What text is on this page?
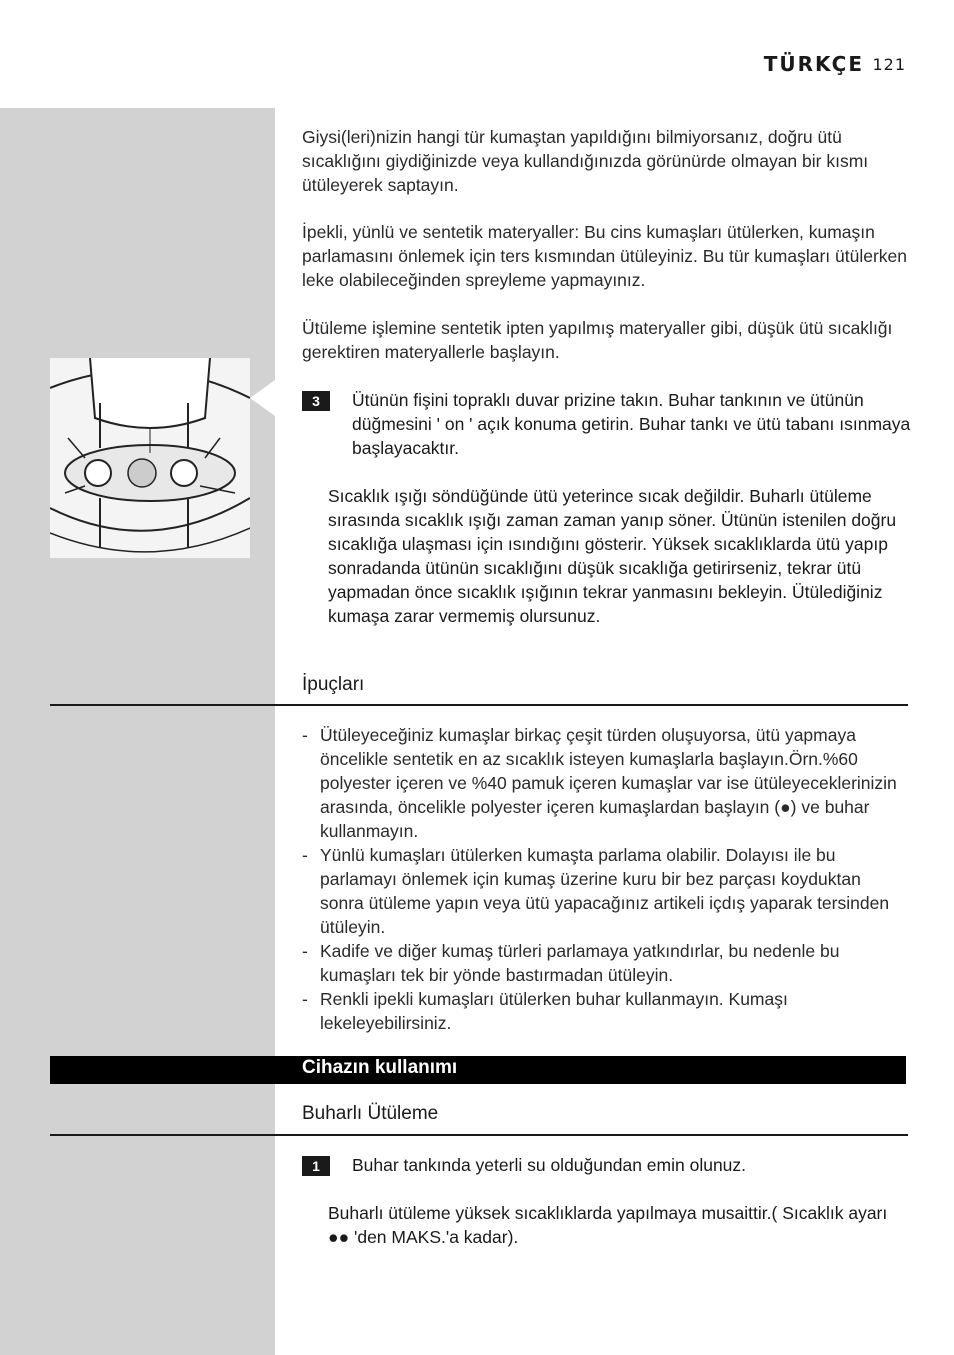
TÜRKÇE 121
Giysi(leri)nizin hangi tür kumaştan yapıldığını bilmiyorsanız, doğru ütü sıcaklığını giydiğinizde veya kullandığınızda görünürde olmayan bir kısmı ütüleyerek saptayın.
İpekli, yünlü ve sentetik materyaller: Bu cins kumaşları ütülerken, kumaşın parlamasını önlemek için ters kısmından ütüleyiniz. Bu tür kumaşları ütülerken leke olabileceğinden spreyleme yapmayınız.
Ütüleme işlemine sentetik ipten yapılmış materyaller gibi, düşük ütü sıcaklığı gerektiren materyallerle başlayın.
3	Ütünün fişini topraklı duvar prizine takın. Buhar tankının ve ütünün düğmesini ' on ' açık konuma getirin. Buhar tankı ve ütü tabanı ısınmaya başlayacaktır.
Sıcaklık ışığı söndüğünde ütü yeterince sıcak değildir. Buharlı ütüleme sırasında sıcaklık ışığı zaman zaman yanıp söner. Ütünün istenilen doğru sıcaklığa ulaşması için ısındığını gösterir. Yüksek sıcaklıklarda ütü yapıp sonradanda ütünün sıcaklığını düşük sıcaklığa getirirseniz, tekrar ütü yapmadan önce sıcaklık ışığının tekrar yanmasını bekleyin. Ütülediğiniz kumaşa zarar vermemiş olursunuz.
İpuçları
- Ütüleyeceğiniz kumaşlar birkaç çeşit türden oluşuyorsa, ütü yapmaya öncelikle sentetik en az sıcaklık isteyen kumaşlarla başlayın.Örn.%60 polyester içeren ve %40 pamuk içeren kumaşlar var ise ütüleyeceklerinizin arasında, öncelikle polyester içeren kumaşlardan başlayın (●) ve buhar kullanmayın.
- Yünlü kumaşları ütülerken kumaşta parlama olabilir. Dolayısı ile bu parlamayı önlemek için kumaş üzerine kuru bir bez parçası koyduktan sonra ütüleme yapın veya ütü yapacağınız artikeli içdış yaparak tersinden ütüleyin.
- Kadife ve diğer kumaş türleri parlamaya yatkındırlar, bu nedenle bu kumaşları tek bir yönde bastırmadan ütüleyin.
- Renkli ipekli kumaşları ütülerken buhar kullanmayın. Kumaşı lekeleyebilirsiniz.
Cihazın kullanımı
Buharlı Ütüleme
1	Buhar tankında yeterli su olduğundan emin olunuz.
Buharlı ütüleme yüksek sıcaklıklarda yapılmaya musaittir.( Sıcaklık ayarı ●● 'den MAKS.'a kadar).
